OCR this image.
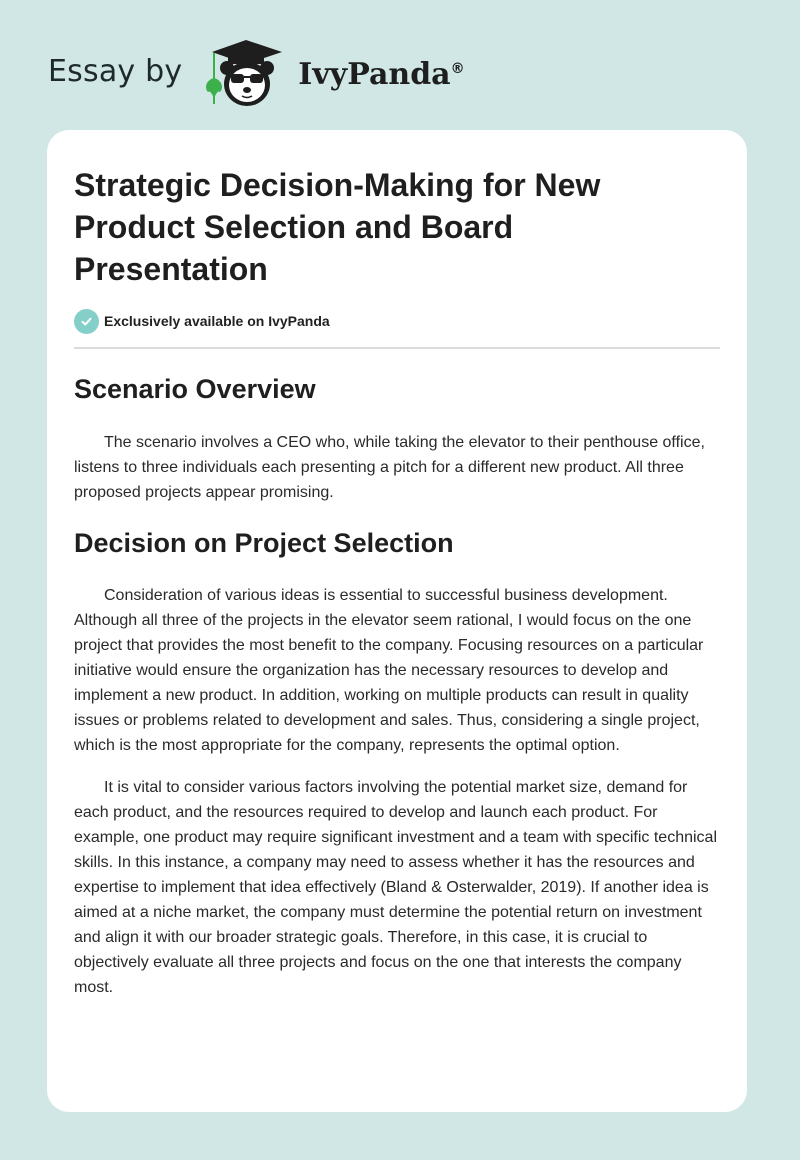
Essay by	IvyPanda®
Strategic Decision-Making for New Product Selection and Board Presentation
Exclusively available on IvyPanda
Scenario Overview

The scenario involves a CEO who, while taking the elevator to their penthouse office, listens to three individuals each presenting a pitch for a different new product. All three proposed projects appear promising.

Decision on Project Selection

Consideration of various ideas is essential to successful business development. Although all three of the projects in the elevator seem rational, I would focus on the one project that provides the most benefit to the company. Focusing resources on a particular initiative would ensure the organization has the necessary resources to develop and implement a new product. In addition, working on multiple products can result in quality issues or problems related to development and sales. Thus, considering a single project, which is the most appropriate for the company, represents the optimal option.

It is vital to consider various factors involving the potential market size, demand for each product, and the resources required to develop and launch each product. For example, one product may require significant investment and a team with specific technical skills. In this instance, a company may need to assess whether it has the resources and expertise to implement that idea effectively (Bland & Osterwalder, 2019). If another idea is aimed at a niche market, the company must determine the potential return on investment and align it with our broader strategic goals. Therefore, in this case, it is crucial to objectively evaluate all three projects and focus on the one that interests the company most.
